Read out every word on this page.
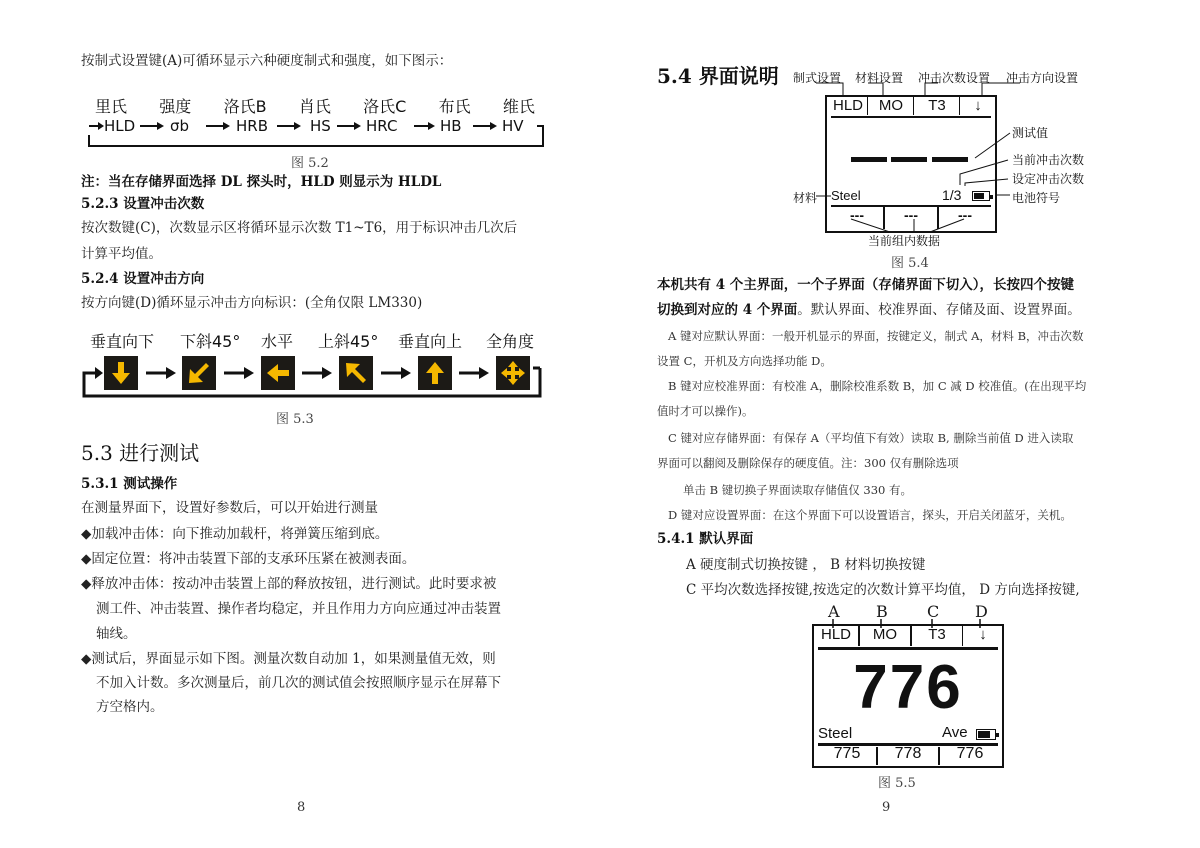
按制式设置键(A)可循环显示六种硬度制式和强度，如下图示：
里氏 强度 洛氏B 肖氏 洛氏C 布氏 维氏
HLD σb	HRB	HS HRC	HB	HV
图 5.2
注：当在存储界面选择 DL 探头时，HLD 则显示为 HLDL
5.2.3 设置冲击次数
按次数键(C)，次数显示区将循环显示次数 T1~T6，用于标识冲击几次后
计算平均值。
5.2.4 设置冲击方向
按方向键(D)循环显示冲击方向标识：(全角仅限 LM330)
垂直向下 下斜45° 水平 上斜45° 垂直向上 全角度
图 5.3
5.3 进行测试
5.3.1 测试操作
在测量界面下，设置好参数后，可以开始进行测量
◆加载冲击体：向下推动加载杆，将弹簧压缩到底。
◆固定位置：将冲击装置下部的支承环压紧在被测表面。
◆释放冲击体：按动冲击装置上部的释放按钮，进行测试。此时要求被
测工件、冲击装置、操作者均稳定，并且作用力方向应通过冲击装置
轴线。
◆测试后，界面显示如下图。测量次数自动加 1，如果测量值无效，则
不加入计数。多次测量后，前几次的测试值会按照顺序显示在屏幕下
方空格内。
8
5.4 界面说明 制式设置 材料设置 冲击次数设置 冲击方向设置
HLD	MO	T3	↓
Steel	1/3
---	---	---
测试值
当前冲击次数
设定冲击次数
电池符号
材料
当前组内数据
图 5.4
本机共有 4 个主界面，一个子界面（存储界面下切入），长按四个按键
切换到对应的 4 个界面。默认界面、校准界面、存储及面、设置界面。
A 键对应默认界面：一般开机显示的界面，按键定义，制式 A，材料 B，冲击次数
设置 C，开机及方向选择功能 D。
B 键对应校准界面：有校准 A，删除校准系数 B，加 C 减 D 校准值。(在出现平均
值时才可以操作)。
C 键对应存储界面：有保存 A（平均值下有效）读取 B, 删除当前值 D 进入读取
界面可以翻阅及删除保存的硬度值。注：300 仅有删除选项
单击 B 键切换子界面读取存储值仅 330 有。
D 键对应设置界面：在这个界面下可以设置语言，探头，开启关闭蓝牙，关机。
5.4.1 默认界面
A 硬度制式切换按键 ， B 材料切换按键
C 平均次数选择按键,按选定的次数计算平均值， D 方向选择按键,
A B C D
HLD	MO	T3	↓
776
Steel	Ave
775	778	776
图 5.5
9
